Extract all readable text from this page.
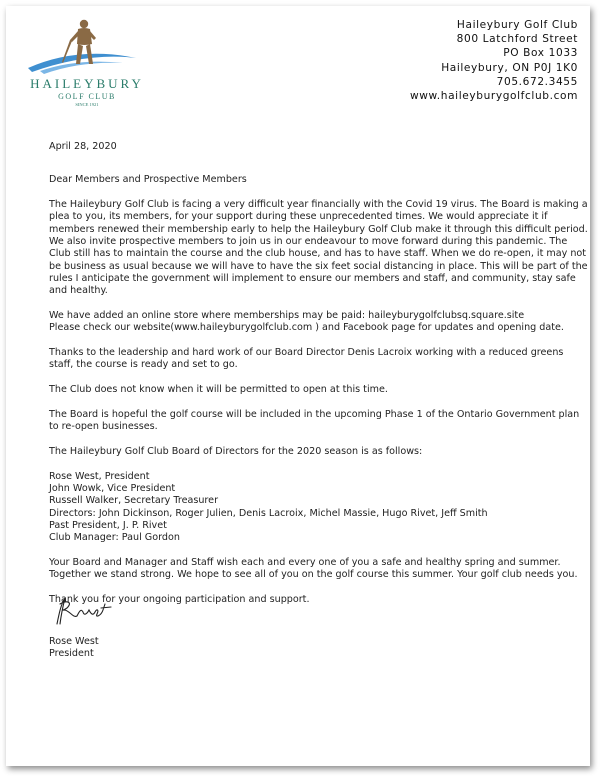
HAILEYBURY
GOLF CLUB
SINCE 1921
Haileybury Golf Club
800 Latchford Street
PO Box 1033
Haileybury, ON P0J 1K0
705.672.3455
www.haileyburygolfclub.com

April 28, 2020

Dear Members and Prospective Members

The Haileybury Golf Club is facing a very difficult year financially with the Covid 19 virus. The Board is making a plea to you, its members, for your support during these unprecedented times. We would appreciate it if members renewed their membership early to help the Haileybury Golf Club make it through this difficult period. We also invite prospective members to join us in our endeavour to move forward during this pandemic. The Club still has to maintain the course and the club house, and has to have staff. When we do re-open, it may not be business as usual because we will have to have the six feet social distancing in place. This will be part of the rules I anticipate the government will implement to ensure our members and staff, and community, stay safe and healthy.

We have added an online store where memberships may be paid: haileyburygolfclubsq.square.site
Please check our website(www.haileyburygolfclub.com ) and Facebook page for updates and opening date.

Thanks to the leadership and hard work of our Board Director Denis Lacroix working with a reduced greens staff, the course is ready and set to go.

The Club does not know when it will be permitted to open at this time.

The Board is hopeful the golf course will be included in the upcoming Phase 1 of the Ontario Government plan to re-open businesses.

The Haileybury Golf Club Board of Directors for the 2020 season is as follows:

Rose West, President
John Wowk, Vice President
Russell Walker, Secretary Treasurer
Directors: John Dickinson, Roger Julien, Denis Lacroix, Michel Massie, Hugo Rivet, Jeff Smith
Past President, J. P. Rivet
Club Manager: Paul Gordon

Your Board and Manager and Staff wish each and every one of you a safe and healthy spring and summer. Together we stand strong. We hope to see all of you on the golf course this summer. Your golf club needs you.

Thank you for your ongoing participation and support.

Rose West
President
